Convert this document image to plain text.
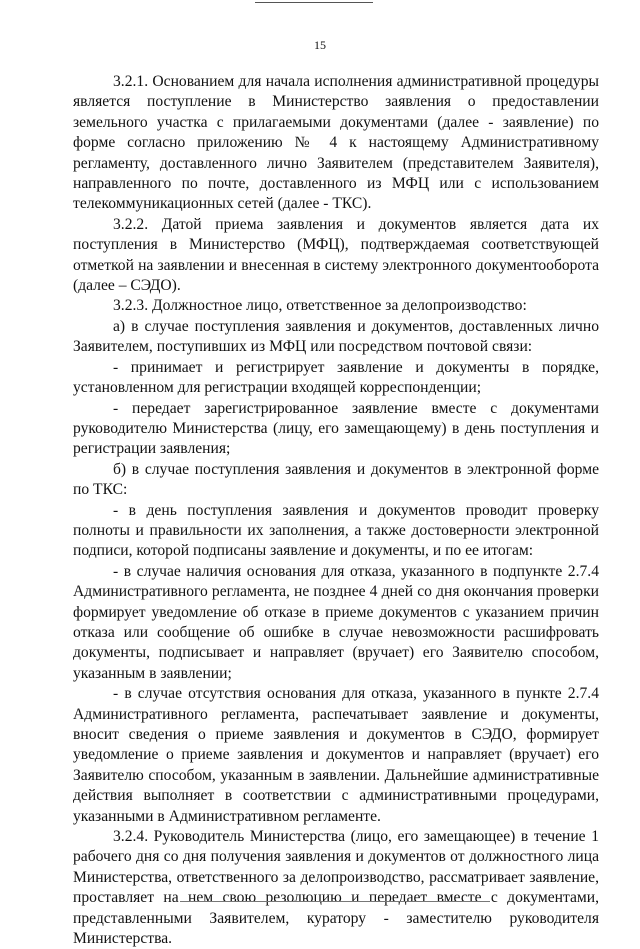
15

3.2.1. Основанием для начала исполнения административной процедуры является поступление в Министерство заявления о предоставлении земельного участка с прилагаемыми документами (далее - заявление) по форме согласно приложению № 4 к настоящему Административному регламенту, доставленного лично Заявителем (представителем Заявителя), направленного по почте, доставленного из МФЦ или с использованием телекоммуникационных сетей (далее - ТКС).

3.2.2. Датой приема заявления и документов является дата их поступления в Министерство (МФЦ), подтверждаемая соответствующей отметкой на заявлении и внесенная в систему электронного документооборота (далее – СЭДО).

3.2.3. Должностное лицо, ответственное за делопроизводство:

а) в случае поступления заявления и документов, доставленных лично Заявителем, поступивших из МФЦ или посредством почтовой связи:

- принимает и регистрирует заявление и документы в порядке, установленном для регистрации входящей корреспонденции;

- передает зарегистрированное заявление вместе с документами руководителю Министерства (лицу, его замещающему) в день поступления и регистрации заявления;

б) в случае поступления заявления и документов в электронной форме по ТКС:

- в день поступления заявления и документов проводит проверку полноты и правильности их заполнения, а также достоверности электронной подписи, которой подписаны заявление и документы, и по ее итогам:

- в случае наличия основания для отказа, указанного в подпункте 2.7.4 Административного регламента, не позднее 4 дней со дня окончания проверки формирует уведомление об отказе в приеме документов с указанием причин отказа или сообщение об ошибке в случае невозможности расшифровать документы, подписывает и направляет (вручает) его Заявителю способом, указанным в заявлении;

- в случае отсутствия основания для отказа, указанного в пункте 2.7.4 Административного регламента, распечатывает заявление и документы, вносит сведения о приеме заявления и документов в СЭДО, формирует уведомление о приеме заявления и документов и направляет (вручает) его Заявителю способом, указанным в заявлении. Дальнейшие административные действия выполняет в соответствии с административными процедурами, указанными в Административном регламенте.

3.2.4. Руководитель Министерства (лицо, его замещающее) в течение 1 рабочего дня со дня получения заявления и документов от должностного лица Министерства, ответственного за делопроизводство, рассматривает заявление, проставляет на нем свою резолюцию и передает вместе с документами, представленными Заявителем, куратору - заместителю руководителя Министерства.
